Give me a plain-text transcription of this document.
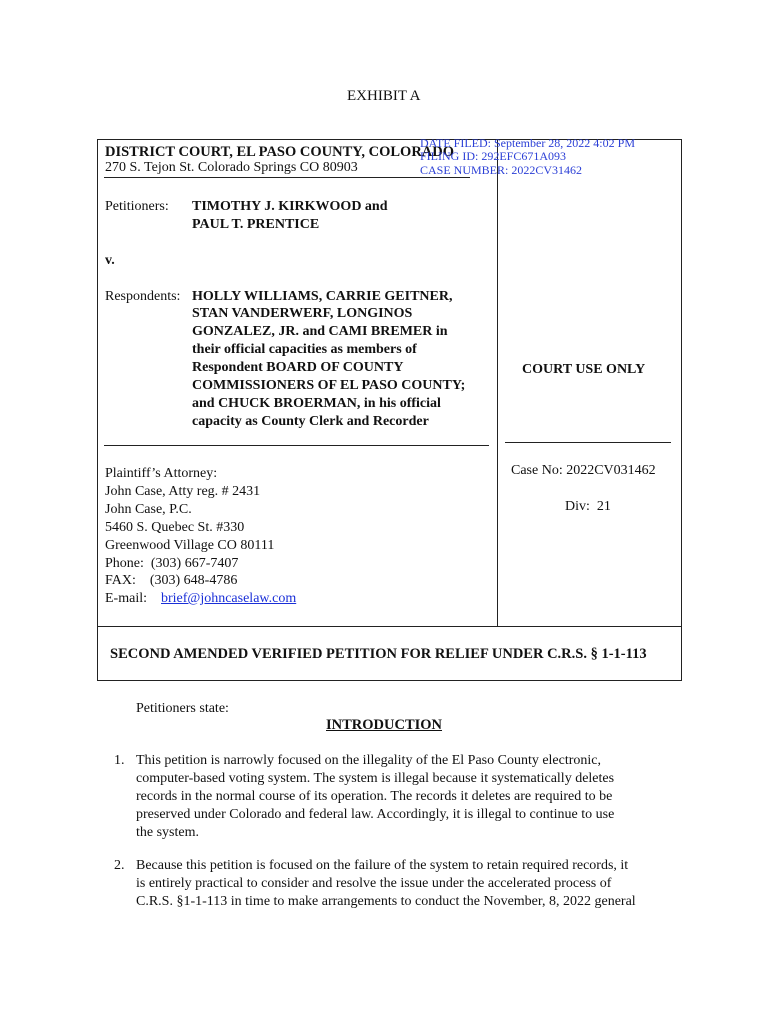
EXHIBIT A
DISTRICT COURT, EL PASO COUNTY, COLORADO
270 S. Tejon St. Colorado Springs CO 80903
DATE FILED: September 28, 2022 4:02 PM
FILING ID: 292EFC671A093
CASE NUMBER: 2022CV31462
Petitioners: TIMOTHY J. KIRKWOOD and
PAUL T. PRENTICE
v.
Respondents: HOLLY WILLIAMS, CARRIE GEITNER,
STAN VANDERWERF, LONGINOS
GONZALEZ, JR. and CAMI BREMER in
their official capacities as members of
Respondent BOARD OF COUNTY
COMMISSIONERS OF EL PASO COUNTY;
and CHUCK BROERMAN, in his official
capacity as County Clerk and Recorder
COURT USE ONLY
Plaintiff’s Attorney:
John Case, Atty reg. # 2431
John Case, P.C.
5460 S. Quebec St. #330
Greenwood Village CO 80111
Phone:  (303) 667-7407
FAX:    (303) 648-4786
E-mail: brief@johncaselaw.com
Case No: 2022CV031462
Div:  21
SECOND AMENDED VERIFIED PETITION FOR RELIEF UNDER C.R.S. § 1-1-113
Petitioners state:
INTRODUCTION
1. This petition is narrowly focused on the illegality of the El Paso County electronic,
computer-based voting system. The system is illegal because it systematically deletes
records in the normal course of its operation. The records it deletes are required to be
preserved under Colorado and federal law. Accordingly, it is illegal to continue to use
the system.
2. Because this petition is focused on the failure of the system to retain required records, it
is entirely practical to consider and resolve the issue under the accelerated process of
C.R.S. §1-1-113 in time to make arrangements to conduct the November, 8, 2022 general
